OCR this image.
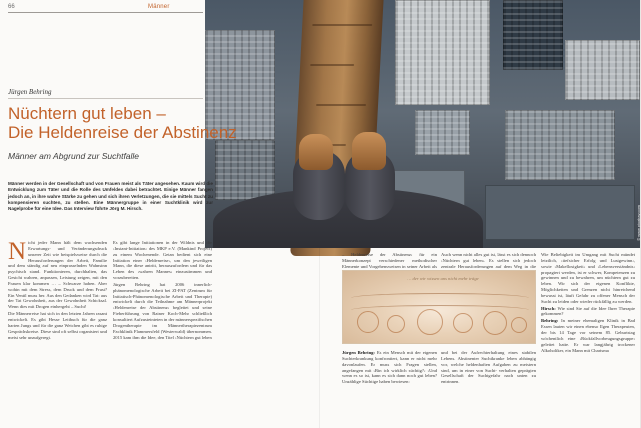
66	Männer
© www.pixabay.com
Jürgen Behring
Nüchtern gut leben –
Die Heldenreise der Abstinenz
Männer am Abgrund zur Suchtfalle

Männer werden in der Gesellschaft und von Frauen meist als Täter angesehen. Kaum wird die Entwicklung zum Täter und die Rolle des Umfeldes dabei betrachtet. Einige Männer fangen jedoch an, in ihre wahre Stärke zu gehen und sich ihren Verletzungen, die sie mittels Sucht zu kompensieren suchten, zu stellen. Eine Männergruppe in einer Suchtklinik wird zur Nagelprobe für eine Idee. Das Interview führte Jörg M. Hirsch.

Nicht jeder Mann hält dem wachsenden Erwartungs- und Veränderungsdruck unserer Zeit wie beispielsweise durch die Herausforderungen der Arbeit, Familie und dem ständig auf neu einprasselnden Wahnsinn psychisch stand. Funktionieren, durchhalten, das Gesicht wahren, anpassen, Leistung zeigen, mit den Frauen klar kommen … – Schwarze haben. Aber wohin mit dem Stress, dem Druck und dem Frust? Ein Ventil muss her. Aus den Gedanken wird Tat: aus der Tat Gewohnheit, aus der Gewohnheit Schicksal. Wenn dies mit Drogen einhergeht – Sucht!

Die Männerreise hat sich in den letzten Jahren rasant entwickelt. Es gibt Hesse Leitbuch für die ganz harten Jungs und für die ganz Weichen gibt es ruhige Gesprächskreise. Diese sind oft selbst organisiert und meist sehr unaufgeregt.

Es gibt lange Initiationen in der Wildnis und die ›Instant-Initiation‹ des MKP e.V. (Mankind Project) zu einem Wochenende. Getan bedient sich eine Initiation einer ›Heldenreise‹, um den jeweiligen Mann, die diese antritt, herauszufordern und für das Leben des ›wahren Mannes‹ einzustimmen und vorzubereiten.

Jürgen Behring hat 2006 innerlich-phänomenologische Arbeit bei ZI-PAT (Zentrum für Initiatisch-Phänomenologische Arbeit und Therapie) entwickelt durch die Teilnahme am Männerprojekt ›Heldenreise der Abstinenz‹ begleitet und seine Fieberführung von Rainer Koch-Mehr schließlich konsultiert Aufzusteinteien in der männerspezifischen Drogentherapie im Männertherapiezentrum Fachklinik Flammersfeld (Westerwald) übernommen. 2015 kam ihm die Idee, den Titel ›Nüchtern gut leben

– Heldenreise der Abstinenz‹ für ein Männerkonzept verschiedener methodischer Elemente und Vorgehensweisen in seiner Arbeit als

Auch wenn nicht alles gut ist, lässt es sich dennoch ›Nüchtern gut leben‹. Es stellen sich jedoch zentrale Herausforderungen auf dem Weg in die

… der wir wissen uns nicht mehr träge

Jürgen Behring: Es ein Mensch mit der eigenen Suchterkrankung konfrontiert, kann er nicht mehr davonlaufen. Er muss sich Fragen stellen, angefangen mit ›Bin ich wirklich süchtig?‹ ›Und wenn es so ist, kann es sich dann noch gut leben? Unzählige Süchtige haben bewiesen:

und bei der Aufrechterhaltung eines stabilen Lebens. Abstinenter Suchtkranke leben abhängig vor, welche heldenhaften Aufgaben zu meistern sind, um in einer von Sucht- verhalten geprägten Gesellschaft der Suchtgefahr nach unten zu entrinnen.

Wie Beliebigkeit im Umgang mit Sucht mündet letztlich, ›tiefsicher Erfolg und Lustgewinn‹, sowie ›Makellosigkeit‹ und ›Lebensverständnis‹ propagiert werden, ist er schwer, Kompetenzen zu gewinnen und zu bewahren, um nüchtern gut zu leben. Wir sich der eigenen Konflikte, Möglichkeiten und Grenzen nicht hinreichend bewusst ist, läuft Gefahr zu offener Mensch der Sucht zu leiden oder wieder rückfällig zu werden.

Hirsch: Wie sind Sie auf die Idee Ihrer Therapie gekommen?

Behring: In meiner ehemaligen Klinik in Bad Essen lauten wir einen ebenso Ilgen Therapeuten, der bis 14 Tage vor seinem 85. Geburtstag wöchentlich eine ›Rückfallvorbeugungsgruppe‹ geleitet hatte. Er war langjährig trockener Alkoholiker, ein Mann mit Charisma
